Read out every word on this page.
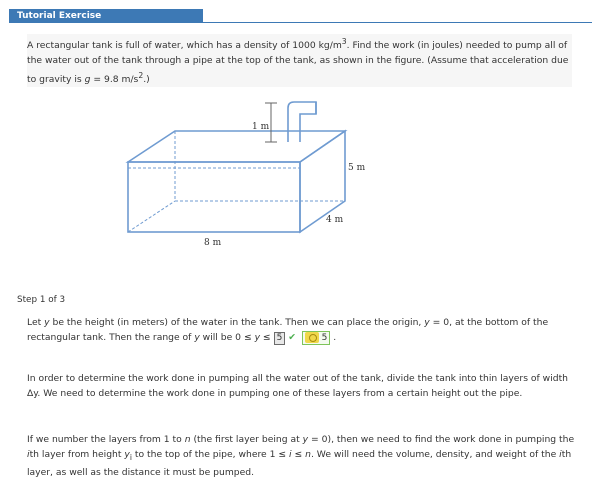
Tutorial Exercise
A rectangular tank is full of water, which has a density of 1000 $kg/m^3$. Find the work (in joules) needed to pump all of the water out of the tank through a pipe at the top of the tank, as shown in the figure. (Assume that acceleration due to gravity is g = 9.8 $m/s^2$.)
1 m
5 m
4 m
8 m
Step 1 of 3
Let y be the height (in meters) of the water in the tank. Then we can place the origin, y = 0, at the bottom of the rectangular tank. Then the range of y will be 0 ≤ y ≤ 5 ✔	5 .
In order to determine the work done in pumping all the water out of the tank, divide the tank into thin layers of width Δy. We need to determine the work done in pumping one of these layers from a certain height out the pipe.
If we number the layers from 1 to n (the first layer being at y = 0), then we need to find the work done in pumping the ith layer from height $y_i$ to the top of the pipe, where 1 ≤ i ≤ n. We will need the volume, density, and weight of the ith layer, as well as the distance it must be pumped.
